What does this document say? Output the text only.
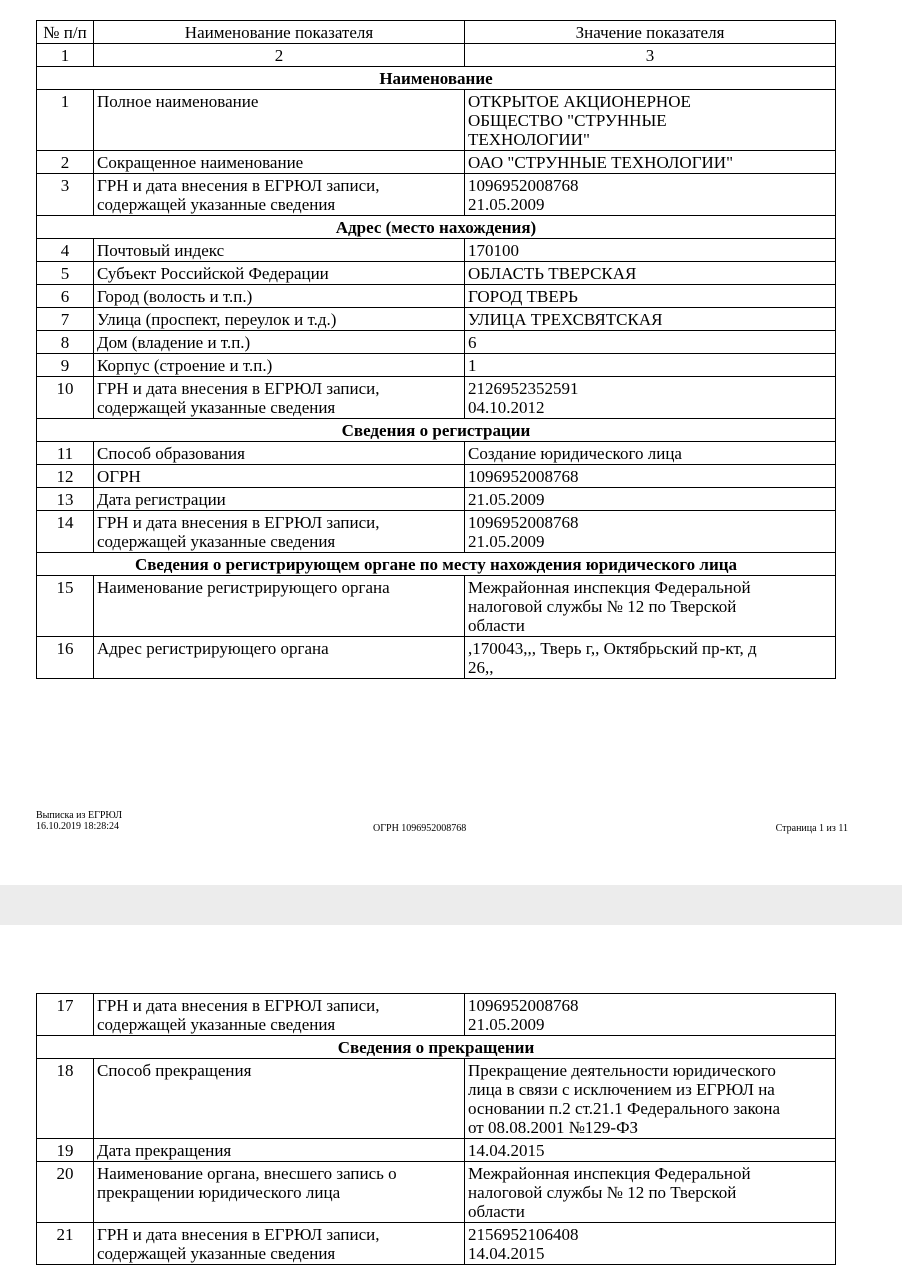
№ п/п	Наименование показателя	Значение показателя
1	2	3
Наименование		
1	Полное наименование	ОТКРЫТОЕ АКЦИОНЕРНОЕ
ОБЩЕСТВО "СТРУННЫЕ
ТЕХНОЛОГИИ"
2	Сокращенное наименование	ОАО "СТРУННЫЕ ТЕХНОЛОГИИ"
3	ГРН и дата внесения в ЕГРЮЛ записи,
содержащей указанные сведения	1096952008768
21.05.2009
Адрес (место нахождения)		
4	Почтовый индекс	170100
5	Субъект Российской Федерации	ОБЛАСТЬ ТВЕРСКАЯ
6	Город (волость и т.п.)	ГОРОД ТВЕРЬ
7	Улица (проспект, переулок и т.д.)	УЛИЦА ТРЕХСВЯТСКАЯ
8	Дом (владение и т.п.)	6
9	Корпус (строение и т.п.)	1
10	ГРН и дата внесения в ЕГРЮЛ записи,
содержащей указанные сведения	2126952352591
04.10.2012
Сведения о регистрации		
11	Способ образования	Создание юридического лица
12	ОГРН	1096952008768
13	Дата регистрации	21.05.2009
14	ГРН и дата внесения в ЕГРЮЛ записи,
содержащей указанные сведения	1096952008768
21.05.2009
Сведения о регистрирующем органе по месту нахождения юридического лица		
15	Наименование регистрирующего органа	Межрайонная инспекция Федеральной
налоговой службы № 12 по Тверской
области
16	Адрес регистрирующего органа	,170043,,, Тверь г,, Октябрьский пр-кт, д
26,,
Выписка из ЕГРЮЛ
16.10.2019 18:28:24	ОГРН 1096952008768	Страница 1 из 11
17	ГРН и дата внесения в ЕГРЮЛ записи,
содержащей указанные сведения	1096952008768
21.05.2009
Сведения о прекращении		
18	Способ прекращения	Прекращение деятельности юридического
лица в связи с исключением из ЕГРЮЛ на
основании п.2 ст.21.1 Федерального закона
от 08.08.2001 №129-ФЗ
19	Дата прекращения	14.04.2015
20	Наименование органа, внесшего запись о
прекращении юридического лица	Межрайонная инспекция Федеральной
налоговой службы № 12 по Тверской
области
21	ГРН и дата внесения в ЕГРЮЛ записи,
содержащей указанные сведения	2156952106408
14.04.2015
